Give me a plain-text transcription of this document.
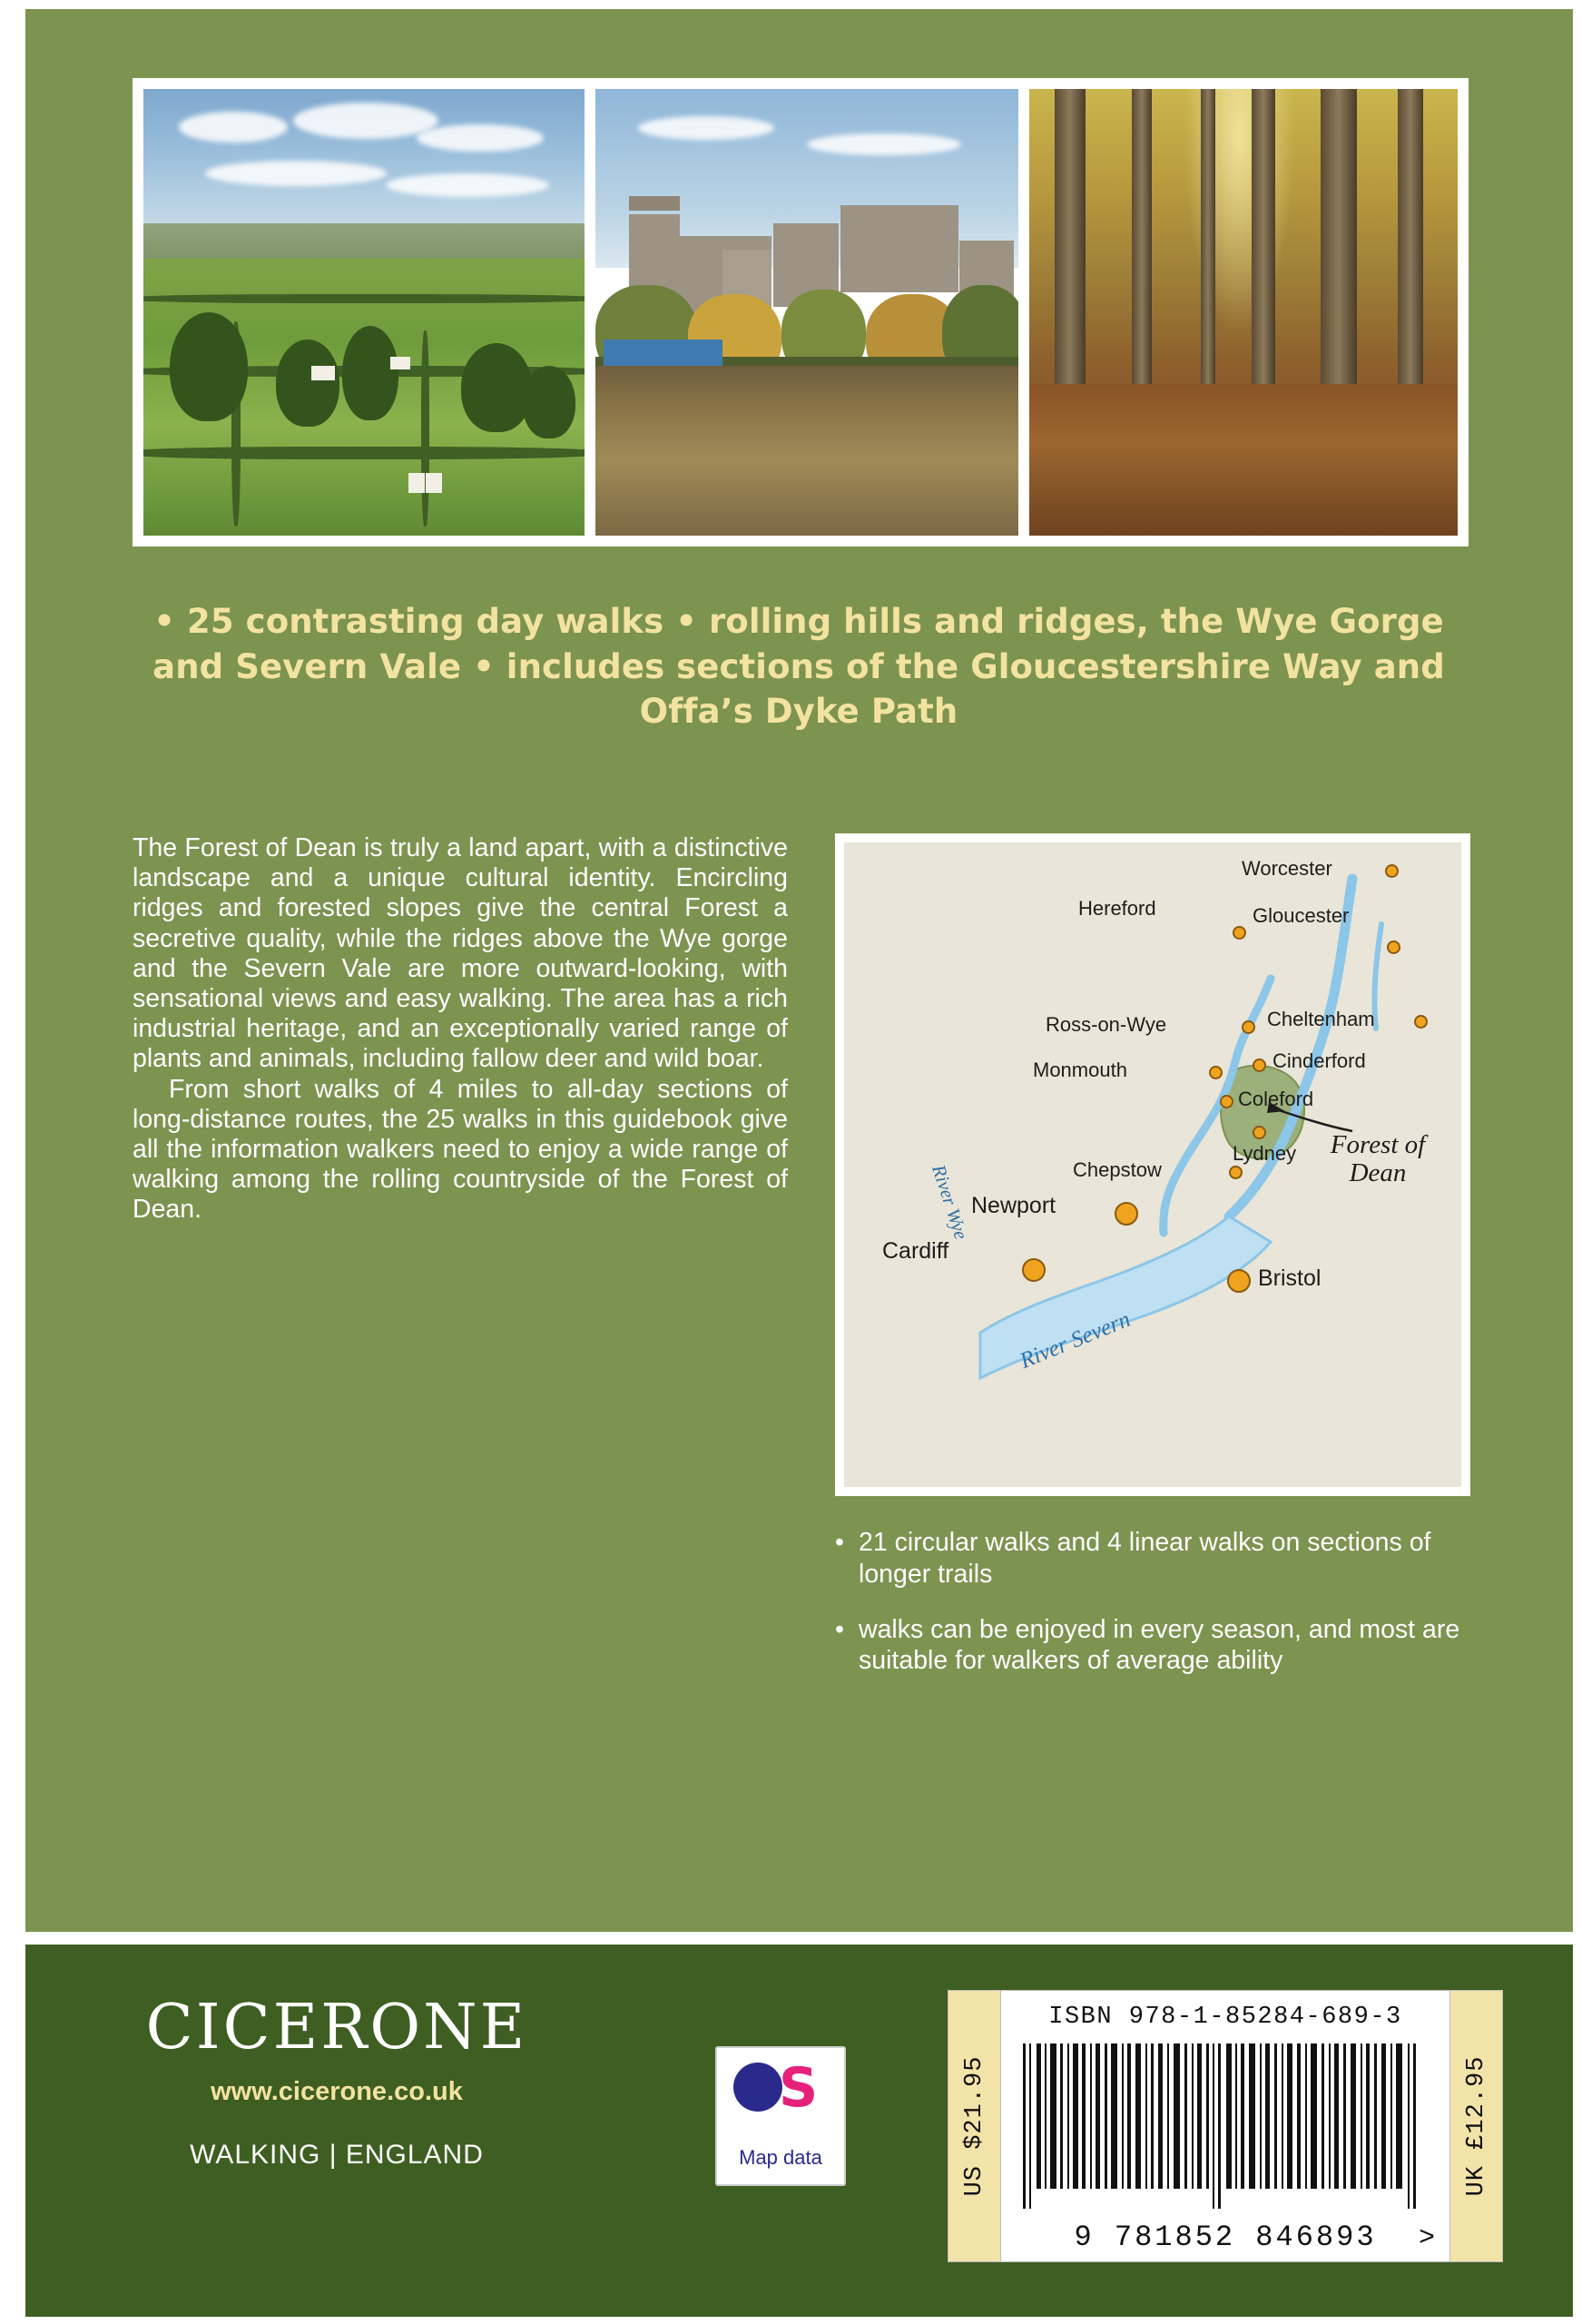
• 25 contrasting day walks • rolling hills and ridges, the Wye Gorge and Severn Vale • includes sections of the Gloucestershire Way and Offa’s Dyke Path

The Forest of Dean is truly a land apart, with a distinctive landscape and a unique cultural identity. Encircling ridges and forested slopes give the central Forest a secretive quality, while the ridges above the Wye gorge and the Severn Vale are more outward-looking, with sensational views and easy walking. The area has a rich industrial heritage, and an exceptionally varied range of plants and animals, including fallow deer and wild boar.

From short walks of 4 miles to all-day sections of long-distance routes, the 25 walks in this guidebook give all the information walkers need to enjoy a wide range of walking among the rolling countryside of the Forest of Dean.	River Wye
River Severn
Forest of
Dean
Worcester
Hereford	Gloucester
Ross-on-Wye	Cheltenham
Cinderford
Monmouth
Coleford
Lydney
Chepstow
Newport
Cardiff
Bristol
• 21 circular walks and 4 linear walks on sections of longer trails
• walks can be enjoyed in every season, and most are suitable for walkers of average ability
CICERONE
www.cicerone.co.uk
WALKING | ENGLAND
S
Map data	US $21.95	UK £12.95
ISBN 978-1-85284-689-3
9 781852 846893	>
